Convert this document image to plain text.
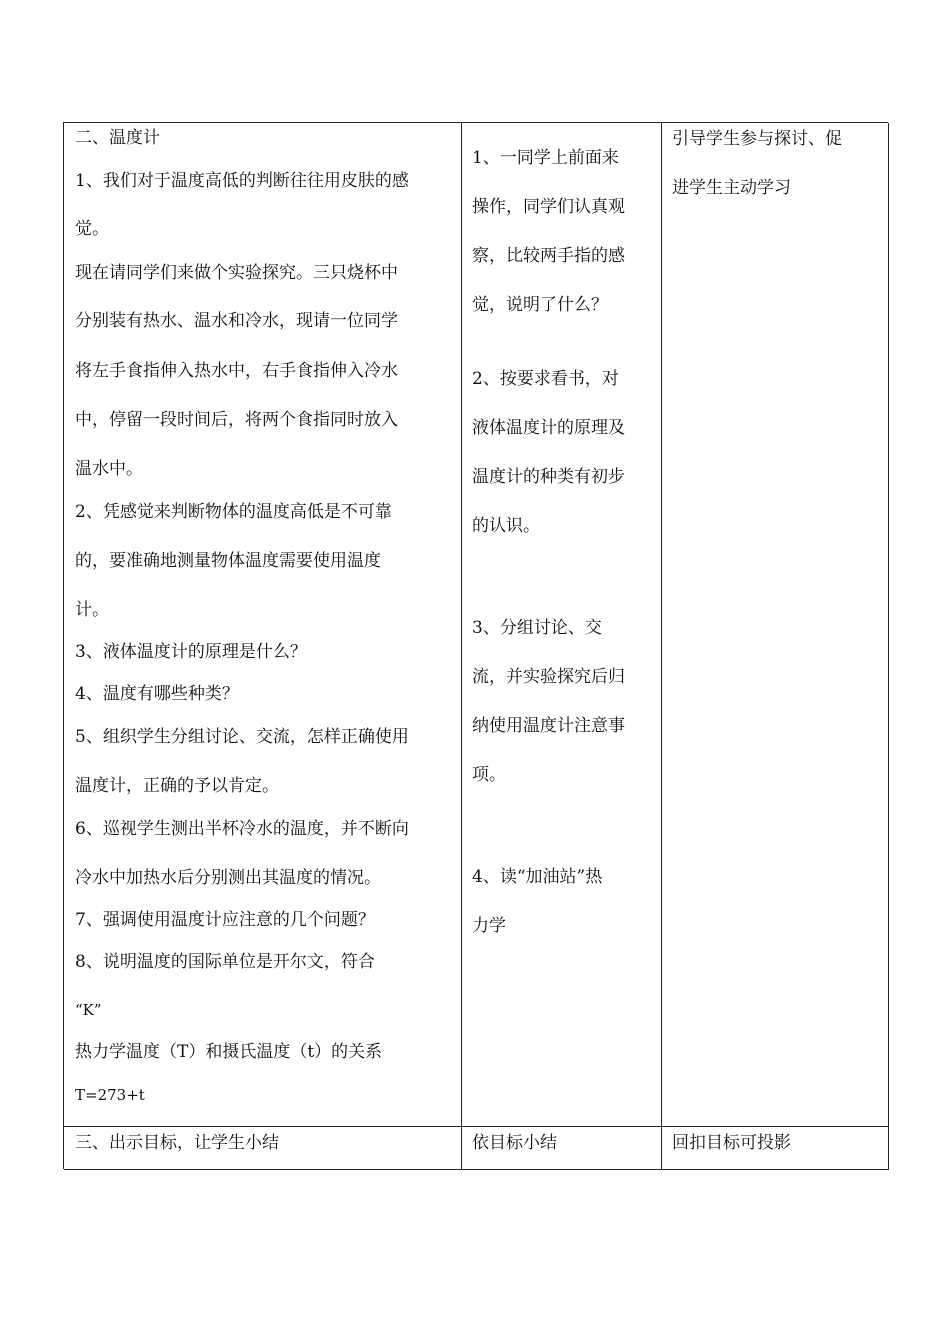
二、温度计
1、我们对于温度高低的判断往往用皮肤的感
觉。
现在请同学们来做个实验探究。三只烧杯中
分别装有热水、温水和冷水，现请一位同学
将左手食指伸入热水中，右手食指伸入冷水
中，停留一段时间后，将两个食指同时放入
温水中。
2、凭感觉来判断物体的温度高低是不可靠
的，要准确地测量物体温度需要使用温度
计。
3、液体温度计的原理是什么？
4、温度有哪些种类？
5、组织学生分组讨论、交流，怎样正确使用
温度计，正确的予以肯定。
6、巡视学生测出半杯冷水的温度，并不断向
冷水中加热水后分别测出其温度的情况。
7、强调使用温度计应注意的几个问题？
8、说明温度的国际单位是开尔文，符合
“K”
热力学温度（T）和摄氏温度（t）的关系
T=273+t
1、一同学上前面来
操作，同学们认真观
察，比较两手指的感
觉，说明了什么？
2、按要求看书，对
液体温度计的原理及
温度计的种类有初步
的认识。
3、分组讨论、交
流，并实验探究后归
纳使用温度计注意事
项。
4、读“加油站”热
力学
引导学生参与探讨、促
进学生主动学习
三、出示目标，让学生小结	依目标小结	回扣目标可投影
